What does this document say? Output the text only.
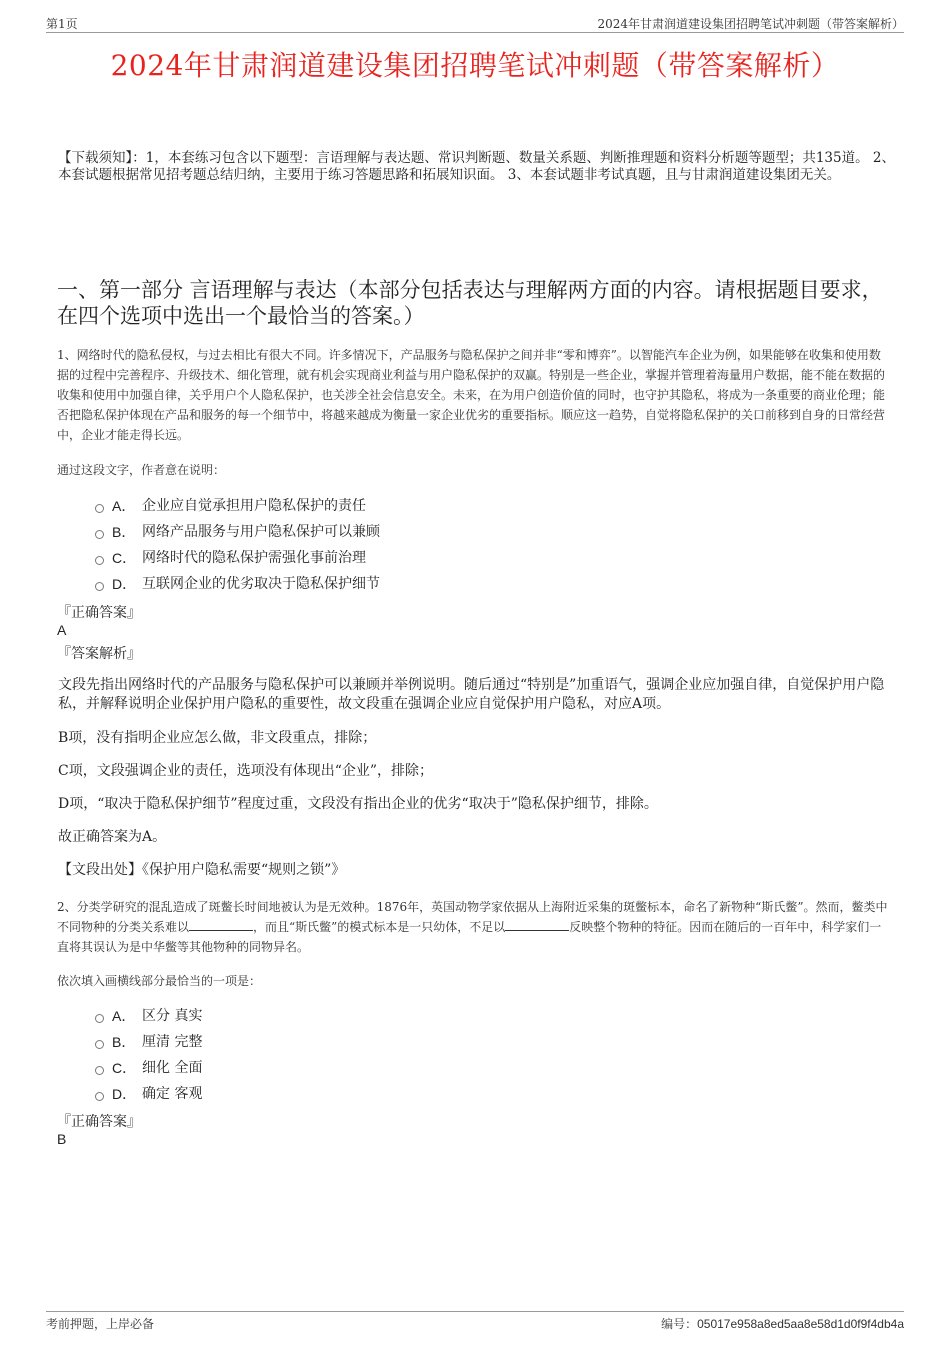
第1页	2024年甘肃润道建设集团招聘笔试冲刺题（带答案解析）
2024年甘肃润道建设集团招聘笔试冲刺题（带答案解析）
【下载须知】：1，本套练习包含以下题型：言语理解与表达题、常识判断题、数量关系题、判断推理题和资料分析题等题型；共135道。 2、本套试题根据常见招考题总结归纳，主要用于练习答题思路和拓展知识面。 3、本套试题非考试真题，且与甘肃润道建设集团无关。
一、第一部分 言语理解与表达（本部分包括表达与理解两方面的内容。请根据题目要求，在四个选项中选出一个最恰当的答案。）
1、网络时代的隐私侵权，与过去相比有很大不同。许多情况下，产品服务与隐私保护之间并非“零和博弈”。以智能汽车企业为例，如果能够在收集和使用数据的过程中完善程序、升级技术、细化管理，就有机会实现商业利益与用户隐私保护的双赢。特别是一些企业，掌握并管理着海量用户数据，能不能在数据的收集和使用中加强自律，关乎用户个人隐私保护，也关涉全社会信息安全。未来，在为用户创造价值的同时，也守护其隐私，将成为一条重要的商业伦理；能否把隐私保护体现在产品和服务的每一个细节中，将越来越成为衡量一家企业优劣的重要指标。顺应这一趋势，自觉将隐私保护的关口前移到自身的日常经营中，企业才能走得长远。
通过这段文字，作者意在说明：
A． 企业应自觉承担用户隐私保护的责任
B． 网络产品服务与用户隐私保护可以兼顾
C． 网络时代的隐私保护需强化事前治理
D． 互联网企业的优劣取决于隐私保护细节
『正确答案』
A
『答案解析』
文段先指出网络时代的产品服务与隐私保护可以兼顾并举例说明。随后通过“特别是”加重语气，强调企业应加强自律，自觉保护用户隐私，并解释说明企业保护用户隐私的重要性，故文段重在强调企业应自觉保护用户隐私，对应A项。
B项，没有指明企业应怎么做，非文段重点，排除；
C项，文段强调企业的责任，选项没有体现出“企业”，排除；
D项，“取决于隐私保护细节”程度过重，文段没有指出企业的优劣“取决于”隐私保护细节，排除。
故正确答案为A。
【文段出处】《保护用户隐私需要“规则之锁”》
2、分类学研究的混乱造成了斑鳖长时间地被认为是无效种。1876年，英国动物学家依据从上海附近采集的斑鳖标本，命名了新物种“斯氏鳖”。然而，鳖类中不同物种的分类关系难以	，而且“斯氏鳖”的模式标本是一只幼体，不足以	反映整个物种的特征。因而在随后的一百年中，科学家们一直将其误认为是中华鳖等其他物种的同物异名。
依次填入画横线部分最恰当的一项是：
A． 区分 真实
B． 厘清 完整
C． 细化 全面
D． 确定 客观
『正确答案』
B
考前押题，上岸必备	编号：05017e958a8ed5aa8e58d1d0f9f4db4a
